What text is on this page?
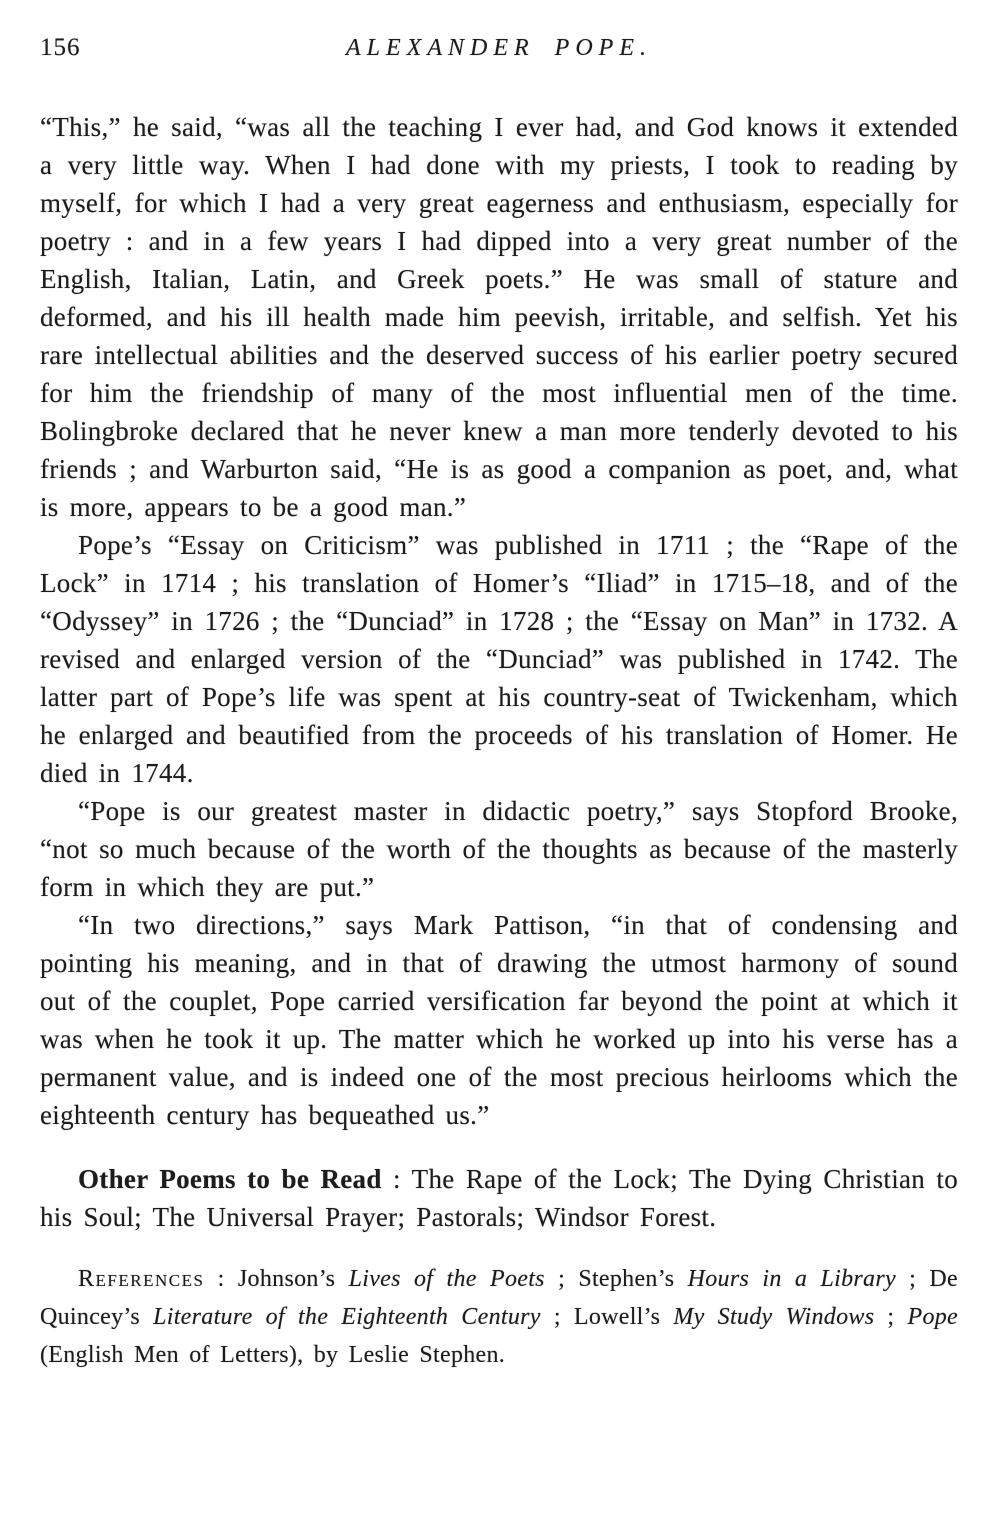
156	ALEXANDER POPE.

“This,” he said, “was all the teaching I ever had, and God knows it extended a very little way. When I had done with my priests, I took to reading by myself, for which I had a very great eagerness and enthusiasm, especially for poetry : and in a few years I had dipped into a very great number of the English, Italian, Latin, and Greek poets.” He was small of stature and deformed, and his ill health made him peevish, irritable, and selfish. Yet his rare intellectual abilities and the deserved success of his earlier poetry secured for him the friendship of many of the most influential men of the time. Bolingbroke declared that he never knew a man more tenderly devoted to his friends ; and Warburton said, “He is as good a companion as poet, and, what is more, appears to be a good man.”

Pope’s “Essay on Criticism” was published in 1711 ; the “Rape of the Lock” in 1714 ; his translation of Homer’s “Iliad” in 1715–18, and of the “Odyssey” in 1726 ; the “Dunciad” in 1728 ; the “Essay on Man” in 1732. A revised and enlarged version of the “Dunciad” was published in 1742. The latter part of Pope’s life was spent at his country-seat of Twickenham, which he enlarged and beautified from the proceeds of his translation of Homer. He died in 1744.

“Pope is our greatest master in didactic poetry,” says Stopford Brooke, “not so much because of the worth of the thoughts as because of the masterly form in which they are put.”

“In two directions,” says Mark Pattison, “in that of condensing and pointing his meaning, and in that of drawing the utmost harmony of sound out of the couplet, Pope carried versification far beyond the point at which it was when he took it up. The matter which he worked up into his verse has a permanent value, and is indeed one of the most precious heirlooms which the eighteenth century has bequeathed us.”

Other Poems to be Read : The Rape of the Lock; The Dying Christian to his Soul; The Universal Prayer; Pastorals; Windsor Forest.

References : Johnson’s Lives of the Poets ; Stephen’s Hours in a Library ; De Quincey’s Literature of the Eighteenth Century ; Lowell’s My Study Windows ; Pope (English Men of Letters), by Leslie Stephen.
